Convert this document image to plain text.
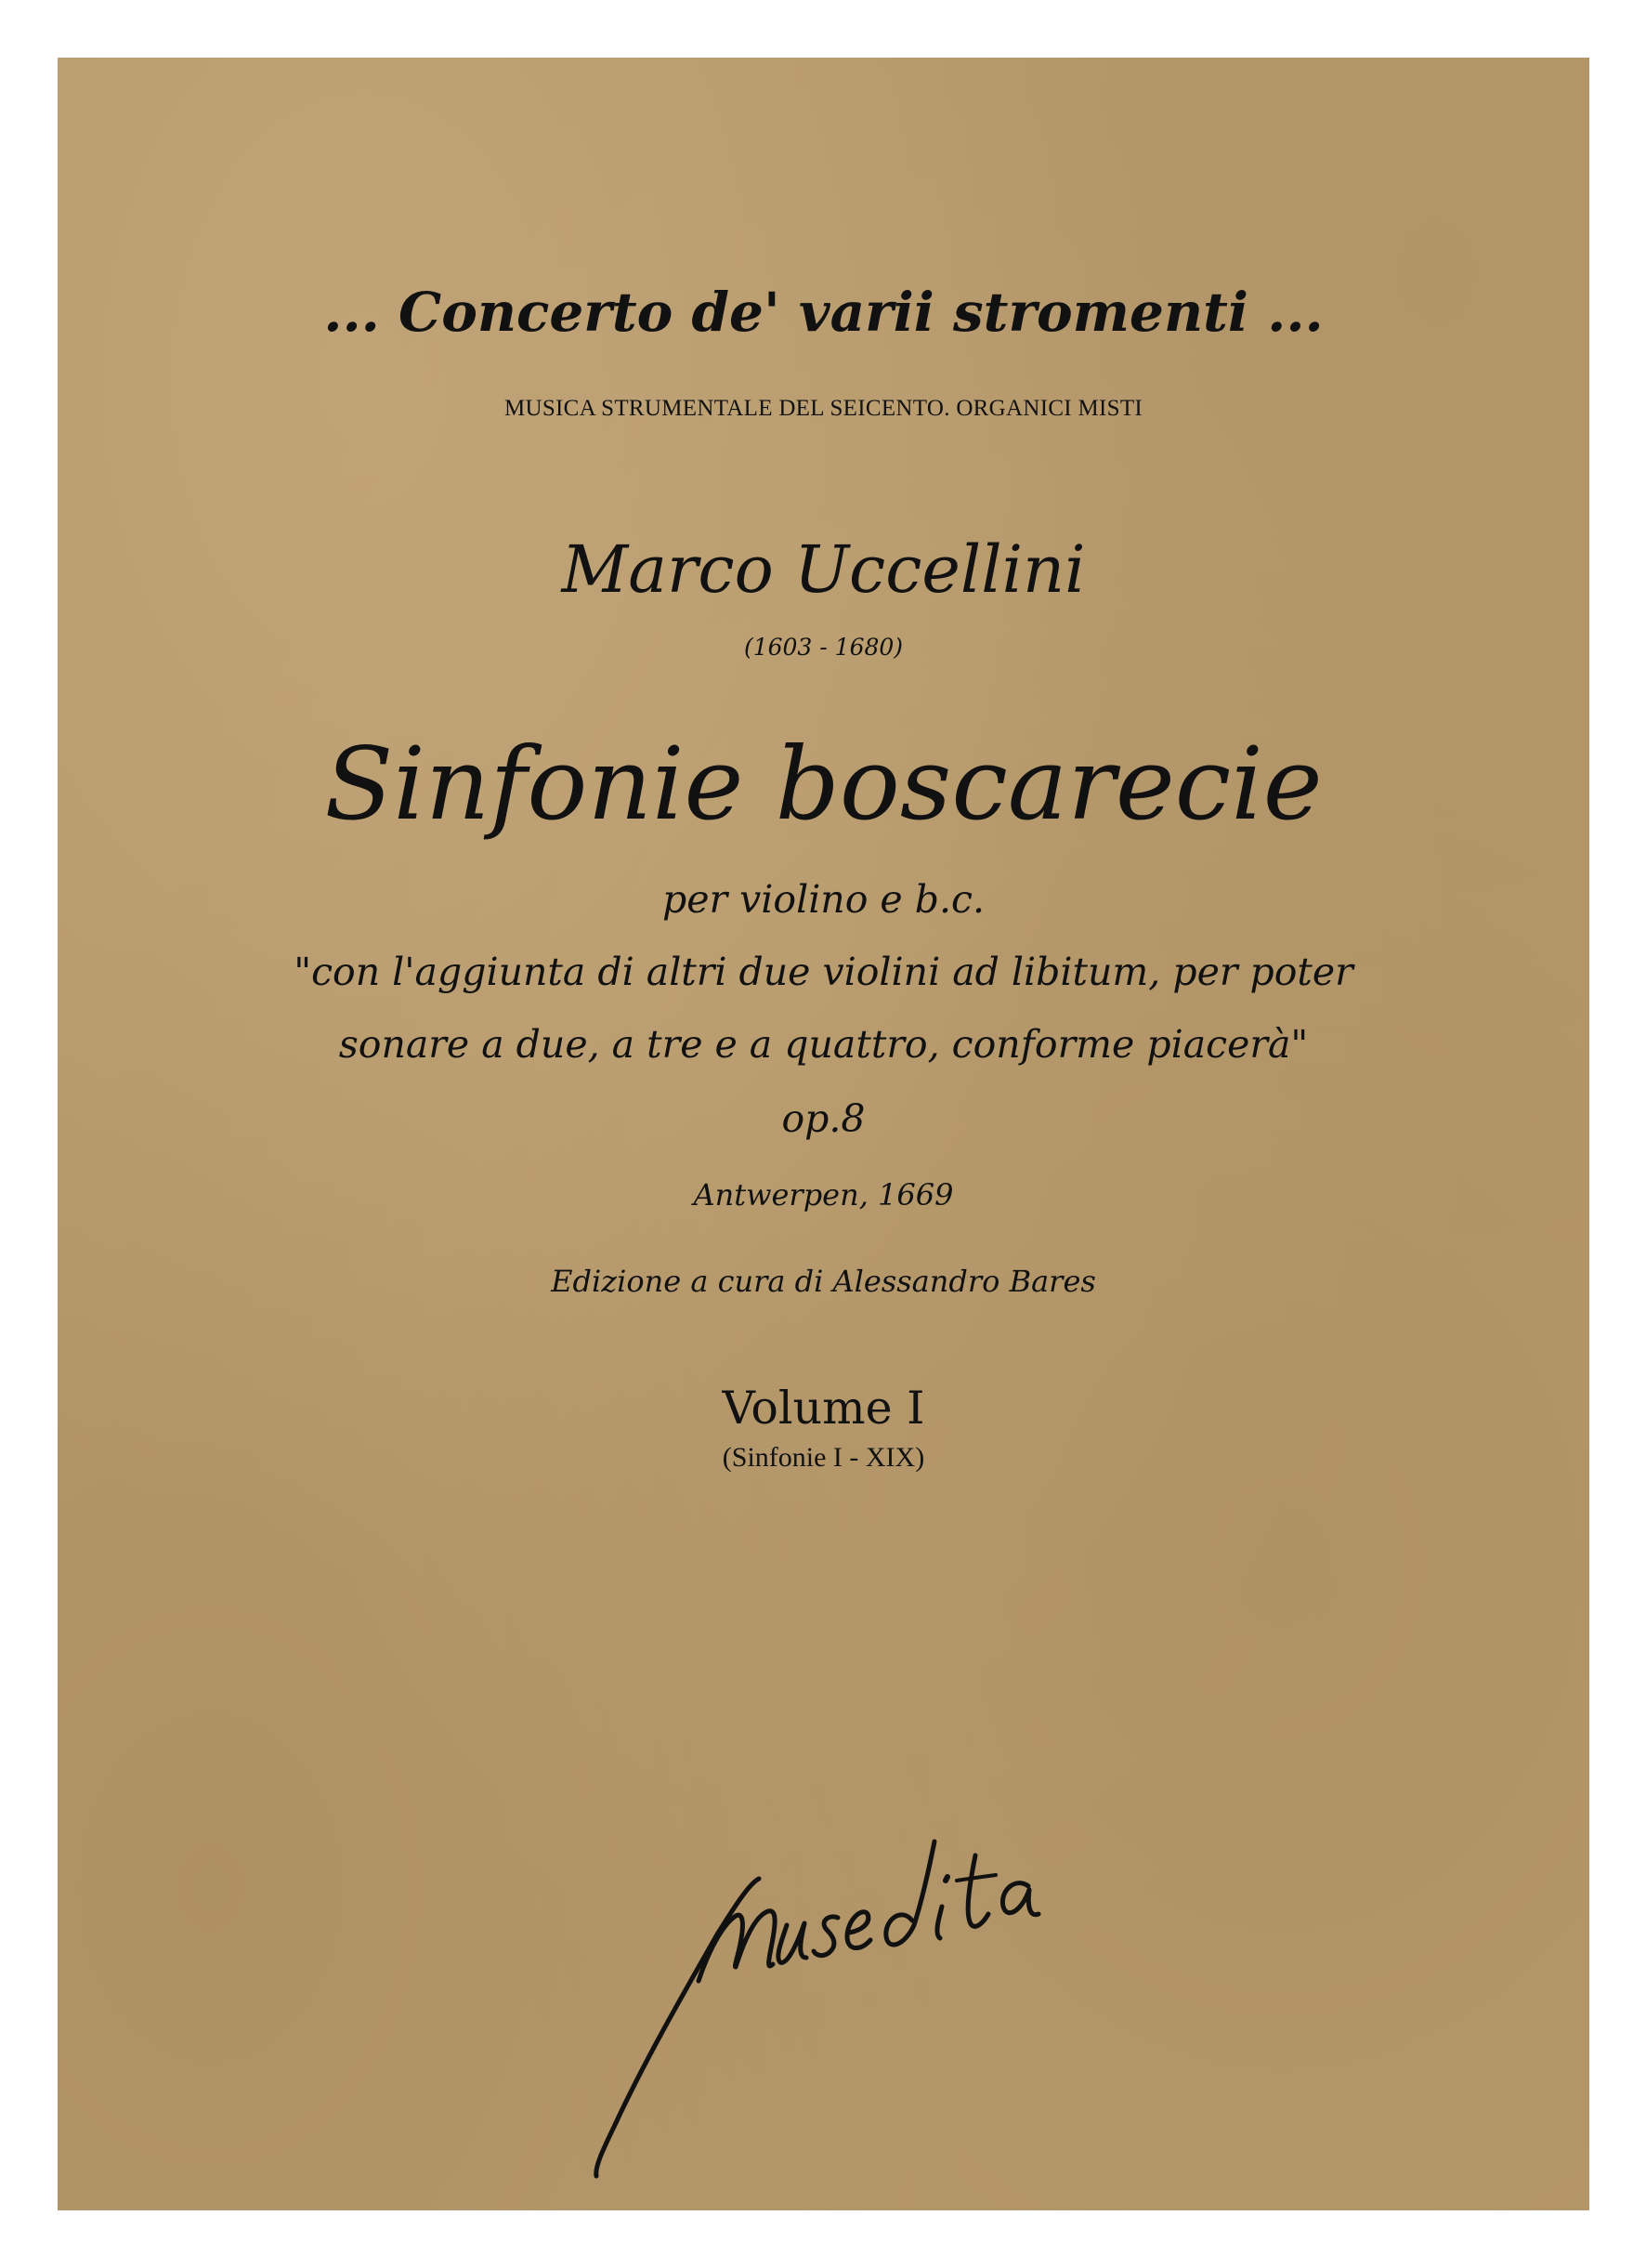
... Concerto de' varii stromenti ...
MUSICA STRUMENTALE DEL SEICENTO. ORGANICI MISTI
Marco Uccellini
(1603 - 1680)
Sinfonie boscarecie
per violino e b.c.
"con l'aggiunta di altri due violini ad libitum, per poter
sonare a due, a tre e a quattro, conforme piacerà"
op.8
Antwerpen, 1669
Edizione a cura di Alessandro Bares
Volume I
(Sinfonie I - XIX)
